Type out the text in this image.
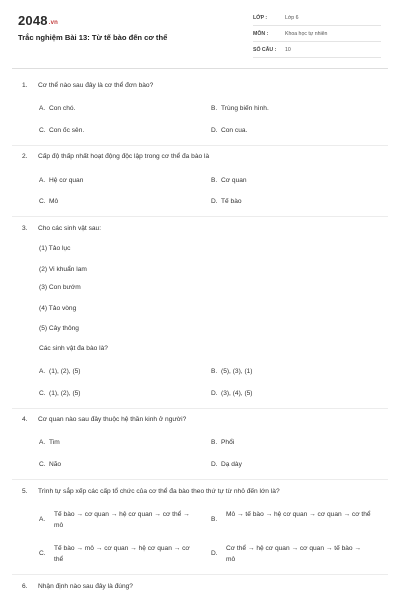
2048.vn
Trắc nghiệm Bài 13: Từ tế bào đến cơ thể
LỚP :	Lớp 6
MÔN :	Khoa học tự nhiên
SỐ CÂU : 10
1. Cơ thể nào sau đây là cơ thể đơn bào?
A. Con chó.	B. Trùng biến hình.
C. Con ốc sên.	D. Con cua.
2. Cấp độ thấp nhất hoạt động độc lập trong cơ thể đa bào là
A. Hệ cơ quan	B. Cơ quan
C. Mô	D. Tế bào
3. Cho các sinh vật sau:
(1) Tảo lục
(2) Vi khuẩn lam
(3) Con bướm
(4) Tảo vòng
(5) Cây thông
Các sinh vật đa bào là?
A. (1), (2), (5)	B. (5), (3), (1)
C. (1), (2), (5)	D. (3), (4), (5)
4. Cơ quan nào sau đây thuộc hệ thần kinh ở người?
A. Tim	B. Phổi
C. Não	D. Dạ dày
5. Trình tự sắp xếp các cấp tổ chức của cơ thể đa bào theo thứ tự từ nhỏ đến lớn là?
A.
Tế bào → cơ quan → hệ cơ quan → cơ thể → mô
B.
Mô → tế bào → hệ cơ quan → cơ quan → cơ thể
C.
Tế bào → mô → cơ quan → hệ cơ quan → cơ thể
D.
Cơ thể → hệ cơ quan → cơ quan → tế bào → mô
6. Nhận định nào sau đây là đúng?
